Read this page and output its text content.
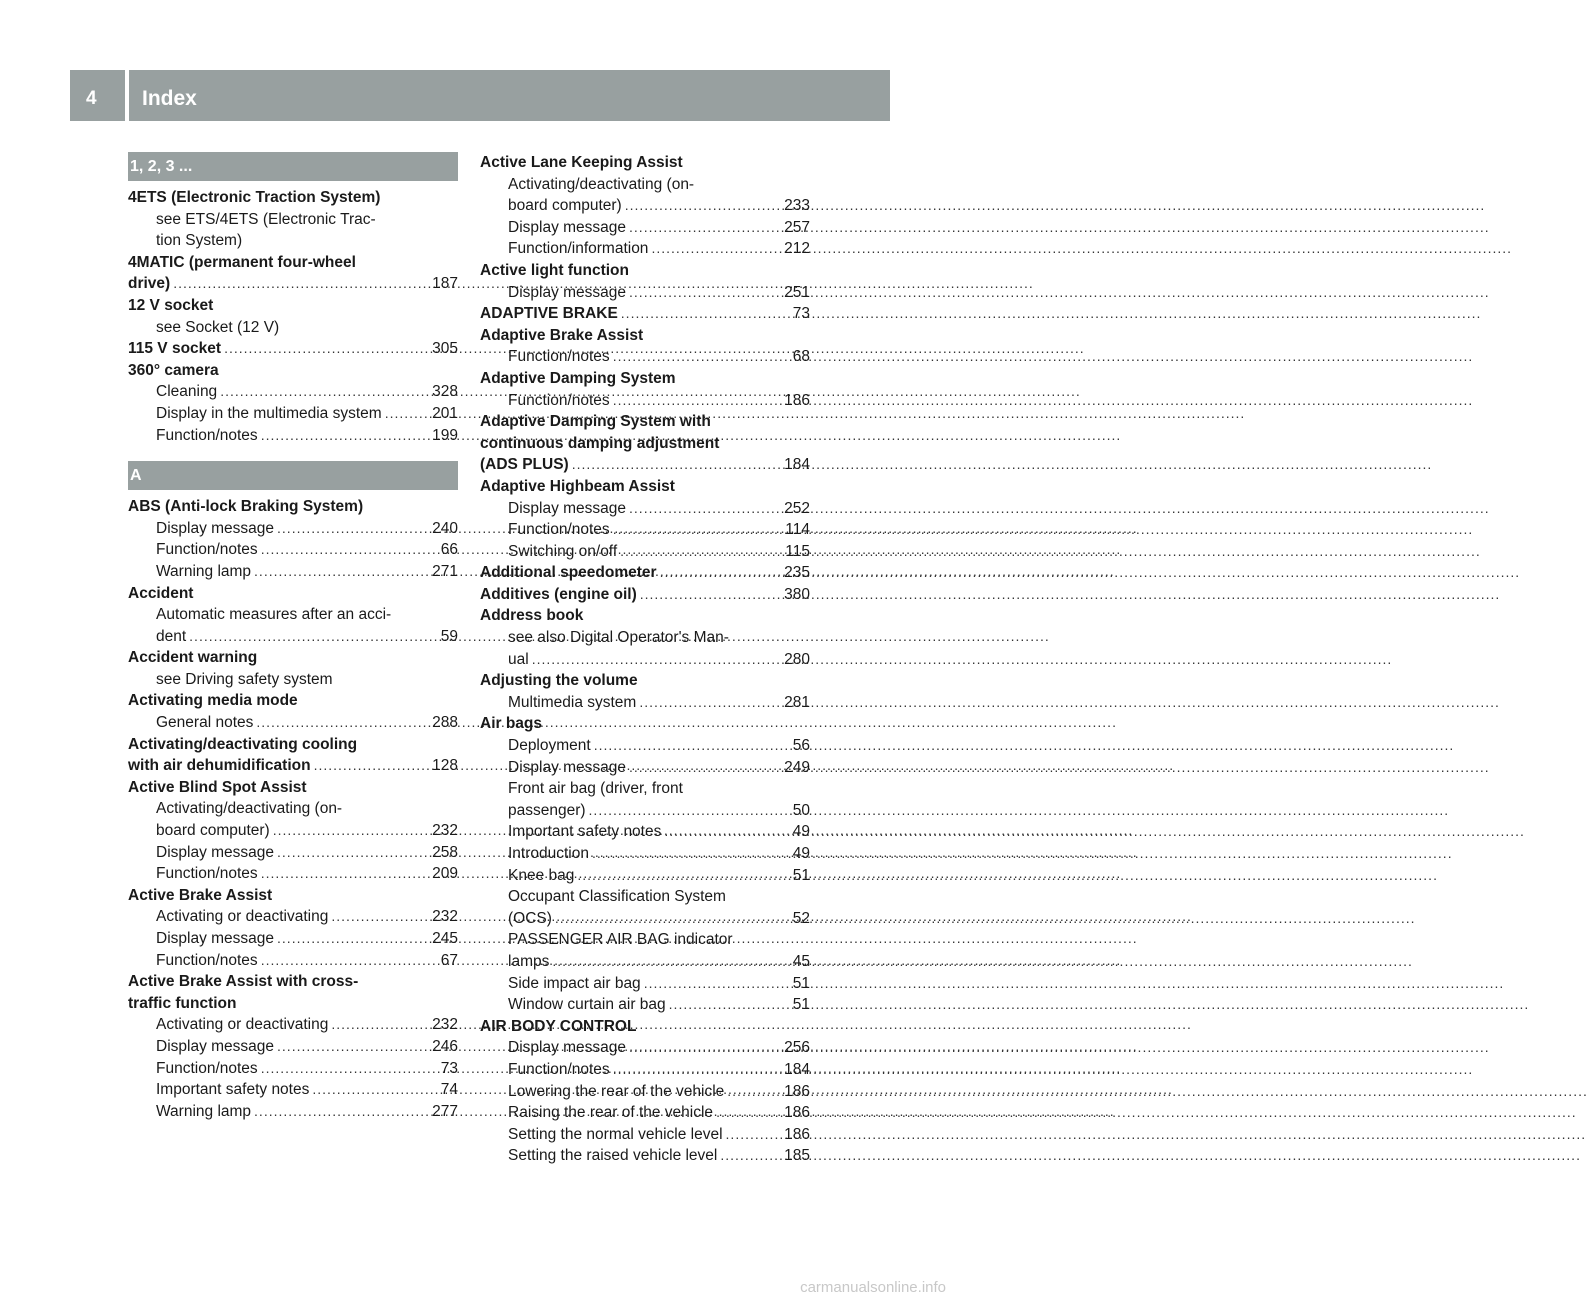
4 Index
1, 2, 3 ...
4ETS (Electronic Traction System)
see ETS/4ETS (Electronic Trac-
tion System)
4MATIC (permanent four-wheel
drive) .....	187
12 V socket
see Socket (12 V)
115 V socket .....	305
360° camera
Cleaning .....	328
Display in the multimedia system .....	201
Function/notes .....	199
A
ABS (Anti-lock Braking System)
Display message .....	240
Function/notes .....	66
Warning lamp .....	271
Accident
Automatic measures after an acci-
dent .....	59
Accident warning
see Driving safety system
Activating media mode
General notes .....	288
Activating/deactivating cooling
with air dehumidification .....	128
Active Blind Spot Assist
Activating/deactivating (on-
board computer) .....	232
Display message .....	258
Function/notes .....	209
Active Brake Assist
Activating or deactivating .....	232
Display message .....	245
Function/notes .....	67
Active Brake Assist with cross-
traffic function
Activating or deactivating .....	232
Display message .....	246
Function/notes .....	73
Important safety notes .....	74
Warning lamp .....	277
Active Lane Keeping Assist
Activating/deactivating (on-
board computer) .....	233
Display message .....	257
Function/information .....	212
Active light function
Display message .....	251
ADAPTIVE BRAKE .....	73
Adaptive Brake Assist
Function/notes .....	68
Adaptive Damping System
Function/notes .....	186
Adaptive Damping System with
continuous damping adjustment
(ADS PLUS) .....	184
Adaptive Highbeam Assist
Display message .....	252
Function/notes .....	114
Switching on/off .....	115
Additional speedometer .....	235
Additives (engine oil) .....	380
Address book
see also Digital Operator's Man-
ual .....	280
Adjusting the volume
Multimedia system .....	281
Air bags
Deployment .....	56
Display message .....	249
Front air bag (driver, front
passenger) .....	50
Important safety notes .....	49
Introduction .....	49
Knee bag .....	51
Occupant Classification System
(OCS) .....	52
PASSENGER AIR BAG indicator
lamps .....	45
Side impact air bag .....	51
Window curtain air bag .....	51
AIR BODY CONTROL
Display message .....	256
Function/notes .....	184
Lowering the rear of the vehicle .....	186
Raising the rear of the vehicle .....	186
Setting the normal vehicle level .....	186
Setting the raised vehicle level .....	185
carmanualsonline.info
